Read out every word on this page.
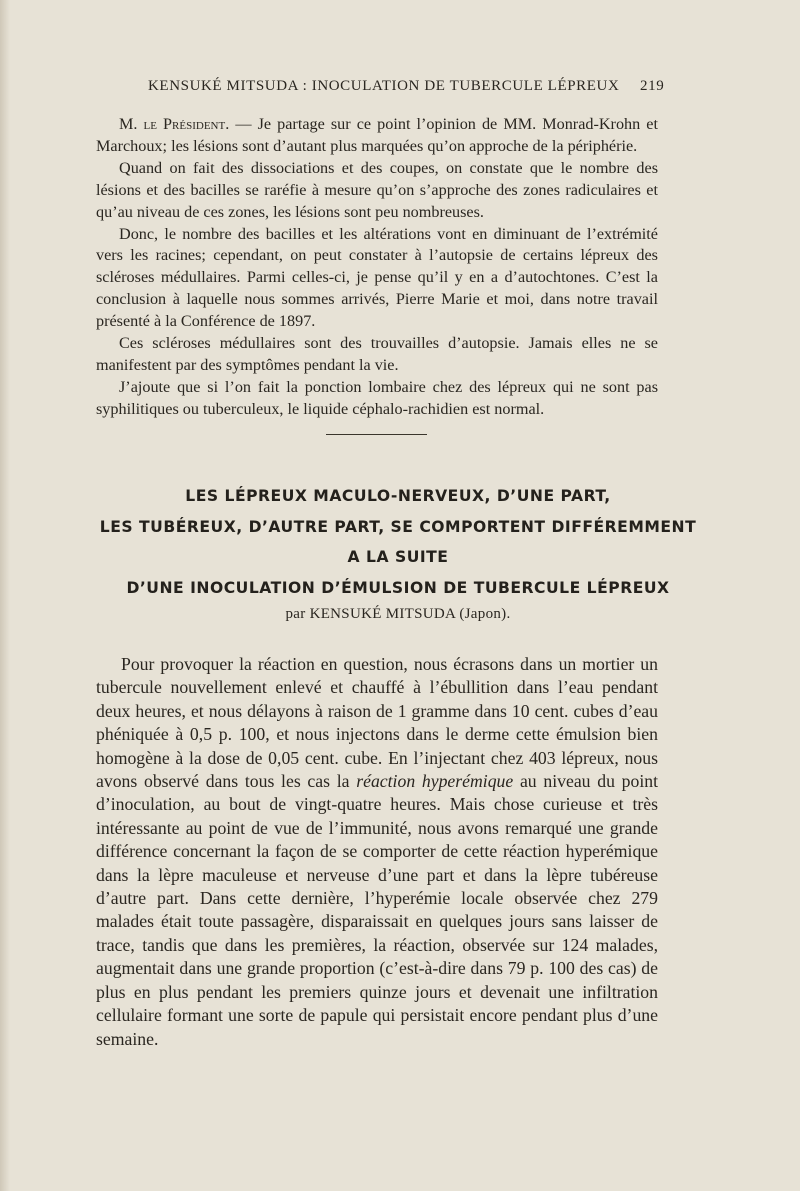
KENSUKÉ MITSUDA : INOCULATION DE TUBERCULE LÉPREUX 219

M. le Président. — Je partage sur ce point l’opinion de MM. Monrad-Krohn et Marchoux; les lésions sont d’autant plus marquées qu’on approche de la périphérie.

Quand on fait des dissociations et des coupes, on constate que le nombre des lésions et des bacilles se raréfie à mesure qu’on s’approche des zones radiculaires et qu’au niveau de ces zones, les lésions sont peu nombreuses.

Donc, le nombre des bacilles et les altérations vont en diminuant de l’extrémité vers les racines; cependant, on peut constater à l’autopsie de certains lépreux des scléroses médullaires. Parmi celles-ci, je pense qu’il y en a d’autochtones. C’est la conclusion à laquelle nous sommes arrivés, Pierre Marie et moi, dans notre travail présenté à la Conférence de 1897.

Ces scléroses médullaires sont des trouvailles d’autopsie. Jamais elles ne se manifestent par des symptômes pendant la vie.

J’ajoute que si l’on fait la ponction lombaire chez des lépreux qui ne sont pas syphilitiques ou tuberculeux, le liquide céphalo-rachidien est normal.

LES LÉPREUX MACULO-NERVEUX, D’UNE PART,
LES TUBÉREUX, D’AUTRE PART, SE COMPORTENT DIFFÉREMMENT
A LA SUITE
D’UNE INOCULATION D’ÉMULSION DE TUBERCULE LÉPREUX
par KENSUKÉ MITSUDA (Japon).

Pour provoquer la réaction en question, nous écrasons dans un mortier un tubercule nouvellement enlevé et chauffé à l’ébullition dans l’eau pendant deux heures, et nous délayons à raison de 1 gramme dans 10 cent. cubes d’eau phéniquée à 0,5 p. 100, et nous injectons dans le derme cette émulsion bien homogène à la dose de 0,05 cent. cube. En l’injectant chez 403 lépreux, nous avons observé dans tous les cas la réaction hyperémique au niveau du point d’inoculation, au bout de vingt-quatre heures. Mais chose curieuse et très intéressante au point de vue de l’immunité, nous avons remarqué une grande différence concernant la façon de se comporter de cette réaction hyperémique dans la lèpre maculeuse et nerveuse d’une part et dans la lèpre tubéreuse d’autre part. Dans cette dernière, l’hyperémie locale observée chez 279 malades était toute passagère, disparaissait en quelques jours sans laisser de trace, tandis que dans les premières, la réaction, observée sur 124 malades, augmentait dans une grande proportion (c’est-à-dire dans 79 p. 100 des cas) de plus en plus pendant les premiers quinze jours et devenait une infiltration cellulaire formant une sorte de papule qui persistait encore pendant plus d’une semaine.
